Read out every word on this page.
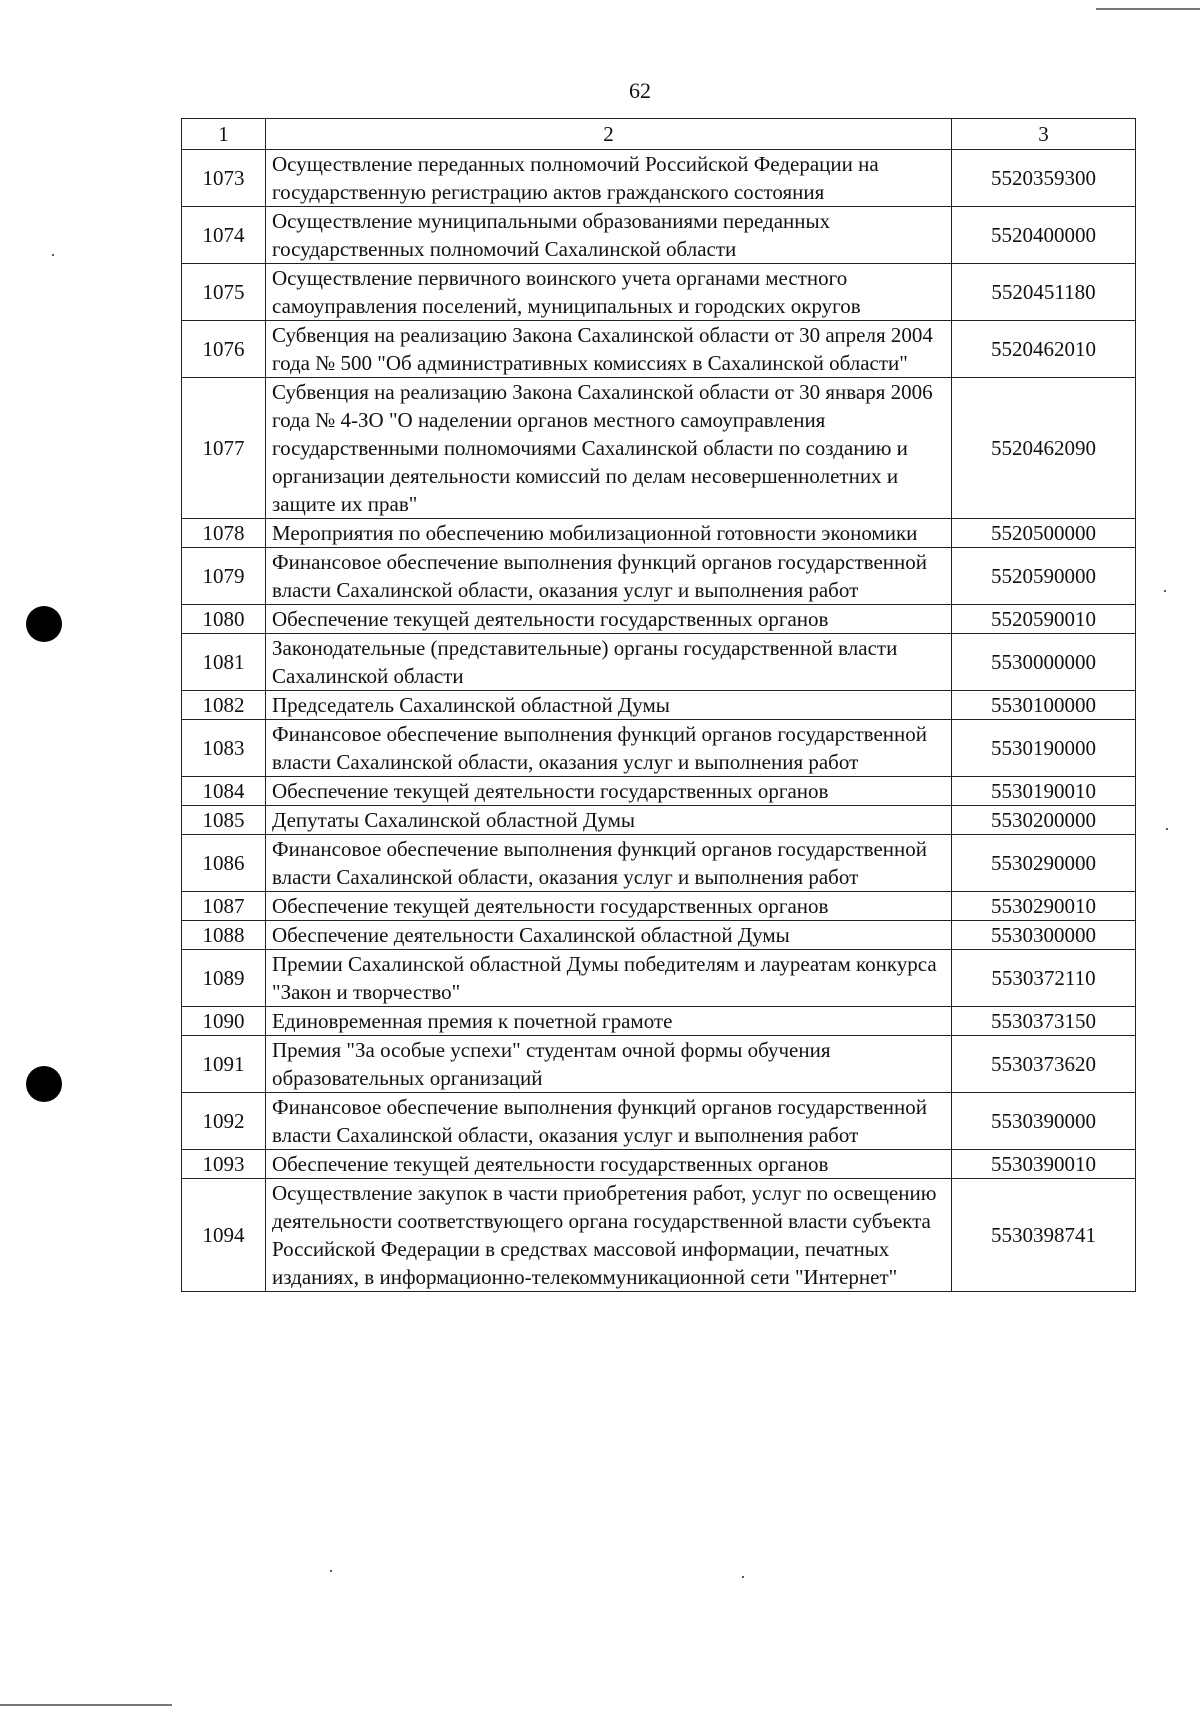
62
1	2	3
1073	Осуществление переданных полномочий Российской Федерации на государственную регистрацию актов гражданского состояния	5520359300
1074	Осуществление муниципальными образованиями переданных государственных полномочий Сахалинской области	5520400000
1075	Осуществление первичного воинского учета органами местного самоуправления поселений, муниципальных и городских округов	5520451180
1076	Субвенция на реализацию Закона Сахалинской области от 30 апреля 2004 года № 500 "Об административных комиссиях в Сахалинской области"	5520462010
1077	Субвенция на реализацию Закона Сахалинской области от 30 января 2006 года № 4-ЗО "О наделении органов местного самоуправления государственными полномочиями Сахалинской области по созданию и организации деятельности комиссий по делам несовершеннолетних и защите их прав"	5520462090
1078	Мероприятия по обеспечению мобилизационной готовности экономики	5520500000
1079	Финансовое обеспечение выполнения функций органов государственной власти Сахалинской области, оказания услуг и выполнения работ	5520590000
1080	Обеспечение текущей деятельности государственных органов	5520590010
1081	Законодательные (представительные) органы государственной власти Сахалинской области	5530000000
1082	Председатель Сахалинской областной Думы	5530100000
1083	Финансовое обеспечение выполнения функций органов государственной власти Сахалинской области, оказания услуг и выполнения работ	5530190000
1084	Обеспечение текущей деятельности государственных органов	5530190010
1085	Депутаты Сахалинской областной Думы	5530200000
1086	Финансовое обеспечение выполнения функций органов государственной власти Сахалинской области, оказания услуг и выполнения работ	5530290000
1087	Обеспечение текущей деятельности государственных органов	5530290010
1088	Обеспечение деятельности Сахалинской областной Думы	5530300000
1089	Премии Сахалинской областной Думы победителям и лауреатам конкурса "Закон и творчество"	5530372110
1090	Единовременная премия к почетной грамоте	5530373150
1091	Премия "За особые успехи" студентам очной формы обучения образовательных организаций	5530373620
1092	Финансовое обеспечение выполнения функций органов государственной власти Сахалинской области, оказания услуг и выполнения работ	5530390000
1093	Обеспечение текущей деятельности государственных органов	5530390010
1094	Осуществление закупок в части приобретения работ, услуг по освещению деятельности соответствующего органа государственной власти субъекта Российской Федерации в средствах массовой информации, печатных изданиях, в информационно-телекоммуникационной сети "Интернет"	5530398741
